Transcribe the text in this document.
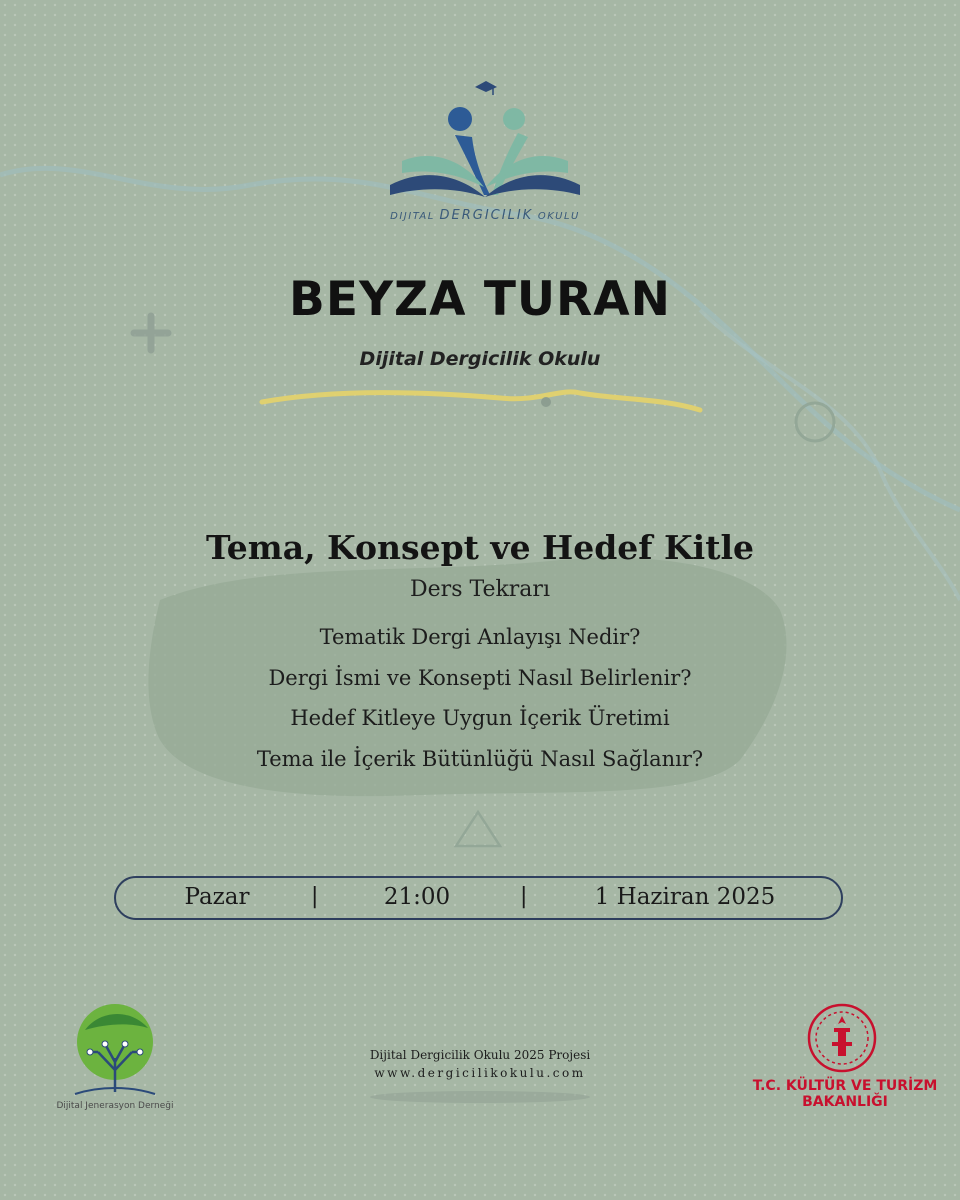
DIJITAL DERGICILIK OKULU
BEYZA TURAN
Dijital Dergicilik Okulu
Tema, Konsept ve Hedef Kitle
Ders Tekrarı
Tematik Dergi Anlayışı Nedir?
Dergi İsmi ve Konsepti Nasıl Belirlenir?
Hedef Kitleye Uygun İçerik Üretimi
Tema ile İçerik Bütünlüğü Nasıl Sağlanır?
Pazar	|	21:00	|	1 Haziran 2025
Dijital Dergicilik Okulu 2025 Projesi
www.dergicilikokulu.com
Dijital Jenerasyon Derneği
T.C. KÜLTÜR VE TURİZM
BAKANLIĞI
